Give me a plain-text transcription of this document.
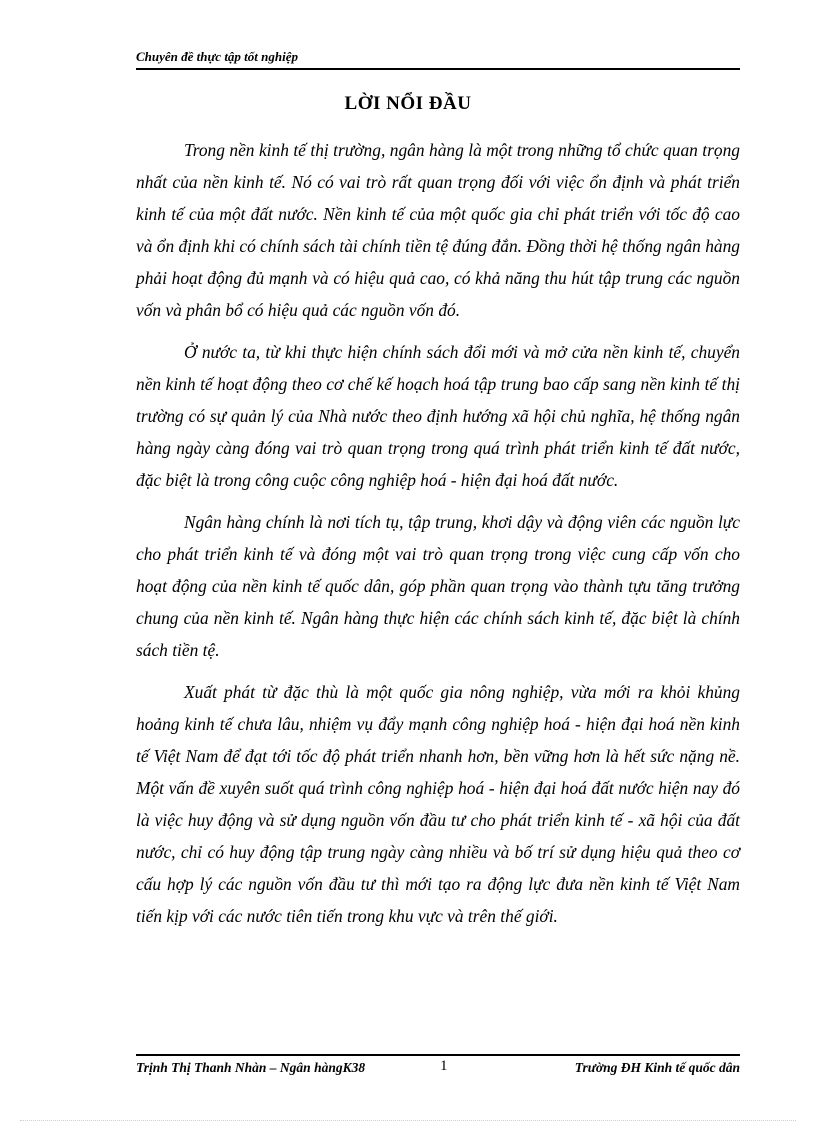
Chuyên đề thực tập tốt nghiệp
LỜI NỔI ĐẦU

Trong nền kinh tế thị trường, ngân hàng là một trong những tổ chức quan trọng nhất của nền kinh tế. Nó có vai trò rất quan trọng đối với việc ổn định và phát triển kinh tế của một đất nước. Nền kinh tế của một quốc gia chỉ phát triển với tốc độ cao và ổn định khi có chính sách tài chính tiền tệ đúng đắn. Đồng thời hệ thống ngân hàng phải hoạt động đủ mạnh và có hiệu quả cao, có khả năng thu hút tập trung các nguồn vốn và phân bổ có hiệu quả các nguồn vốn đó.

Ở nước ta, từ khi thực hiện chính sách đổi mới và mở cửa nền kinh tế, chuyển nền kinh tế hoạt động theo cơ chế kế hoạch hoá tập trung bao cấp sang nền kinh tế thị trường có sự quản lý của Nhà nước theo định hướng xã hội chủ nghĩa, hệ thống ngân hàng ngày càng đóng vai trò quan trọng trong quá trình phát triển kinh tế đất nước, đặc biệt là trong công cuộc công nghiệp hoá - hiện đại hoá đất nước.

Ngân hàng chính là nơi tích tụ, tập trung, khơi dậy và động viên các nguồn lực cho phát triển kinh tế và đóng một vai trò quan trọng trong việc cung cấp vốn cho hoạt động của nền kinh tế quốc dân, góp phần quan trọng vào thành tựu tăng trưởng chung của nền kinh tế. Ngân hàng thực hiện các chính sách kinh tế, đặc biệt là chính sách tiền tệ.

Xuất phát từ đặc thù là một quốc gia nông nghiệp, vừa mới ra khỏi khủng hoảng kinh tế chưa lâu, nhiệm vụ đẩy mạnh công nghiệp hoá - hiện đại hoá nền kinh tế Việt Nam để đạt tới tốc độ phát triển nhanh hơn, bền vững hơn là hết sức nặng nề. Một vấn đề xuyên suốt quá trình công nghiệp hoá - hiện đại hoá đất nước hiện nay đó là việc huy động và sử dụng nguồn vốn đầu tư cho phát triển kinh tế - xã hội của đất nước, chỉ có huy động tập trung ngày càng nhiều và bố trí sử dụng hiệu quả theo cơ cấu hợp lý các nguồn vốn đầu tư thì mới tạo ra động lực đưa nền kinh tế Việt Nam tiến kịp với các nước tiên tiến trong khu vực và trên thế giới.

Trịnh Thị Thanh Nhàn – Ngân hàngK38	1	Trường ĐH Kinh tế quốc dân
